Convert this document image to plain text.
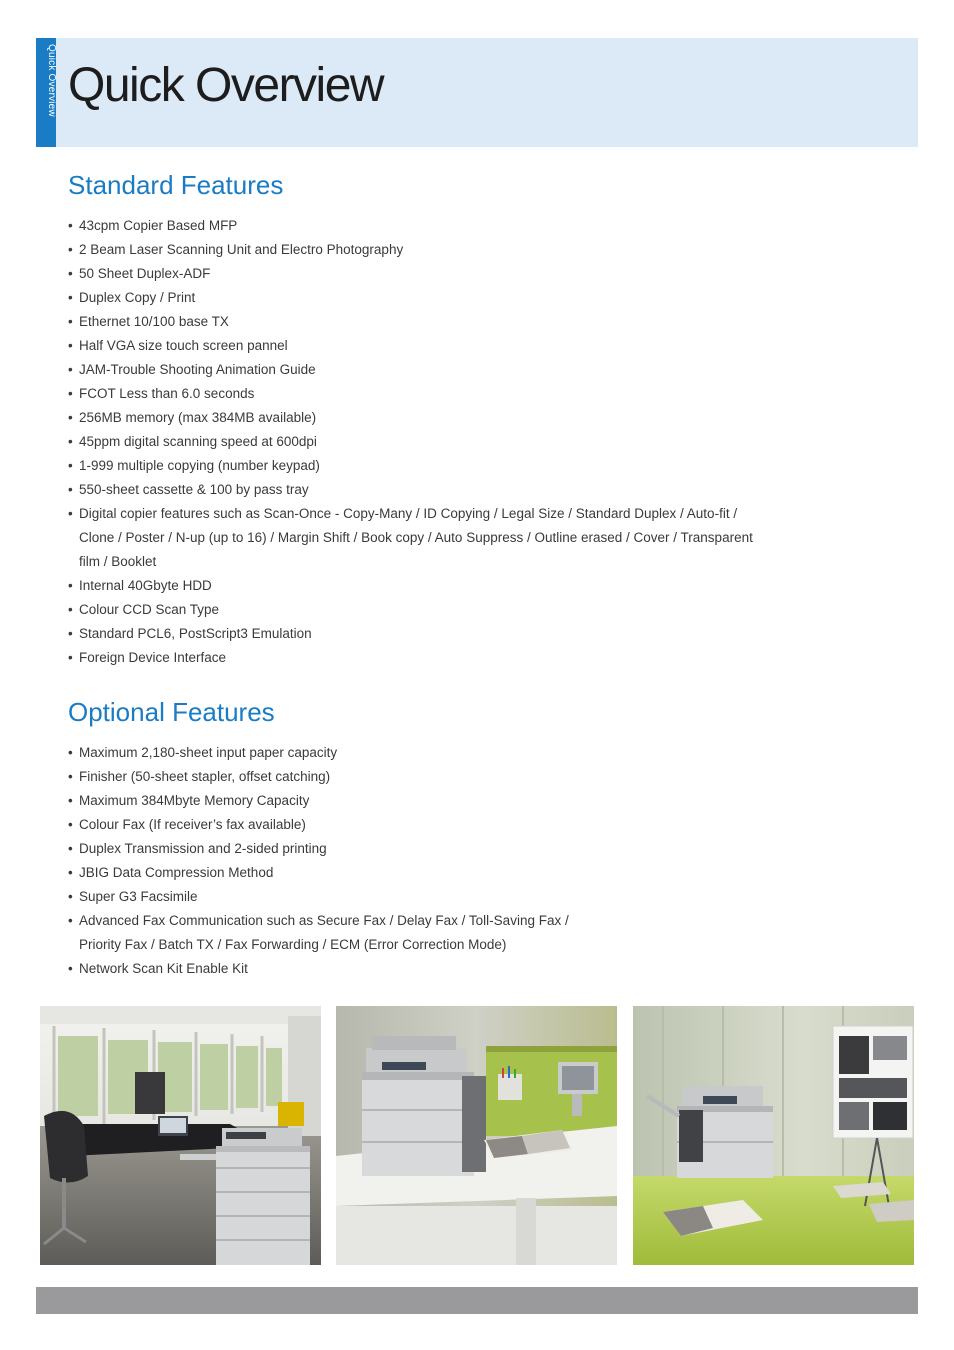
Quick Overview Quick Overview
Standard Features
• 43cpm Copier Based MFP
• 2 Beam Laser Scanning Unit and Electro Photography
• 50 Sheet Duplex-ADF
• Duplex Copy / Print
• Ethernet 10/100 base TX
• Half VGA size touch screen pannel
• JAM-Trouble Shooting Animation Guide
• FCOT Less than 6.0 seconds
• 256MB memory (max 384MB available)
• 45ppm digital scanning speed at 600dpi
• 1-999 multiple copying (number keypad)
• 550-sheet cassette & 100 by pass tray
• Digital copier features such as Scan-Once - Copy-Many / ID Copying / Legal Size / Standard Duplex / Auto-fit / Clone / Poster / N-up (up to 16) / Margin Shift / Book copy / Auto Suppress / Outline erased / Cover / Transparent film / Booklet
• Internal 40Gbyte HDD
• Colour CCD Scan Type
• Standard PCL6, PostScript3 Emulation
• Foreign Device Interface
Optional Features
• Maximum 2,180-sheet input paper capacity
• Finisher (50-sheet stapler, offset catching)
• Maximum 384Mbyte Memory Capacity
• Colour Fax (If receiver’s fax available)
• Duplex Transmission and 2-sided printing
• JBIG Data Compression Method
• Super G3 Facsimile
• Advanced Fax Communication such as Secure Fax / Delay Fax / Toll-Saving Fax / Priority Fax / Batch TX / Fax Forwarding / ECM (Error Correction Mode)
• Network Scan Kit Enable Kit
